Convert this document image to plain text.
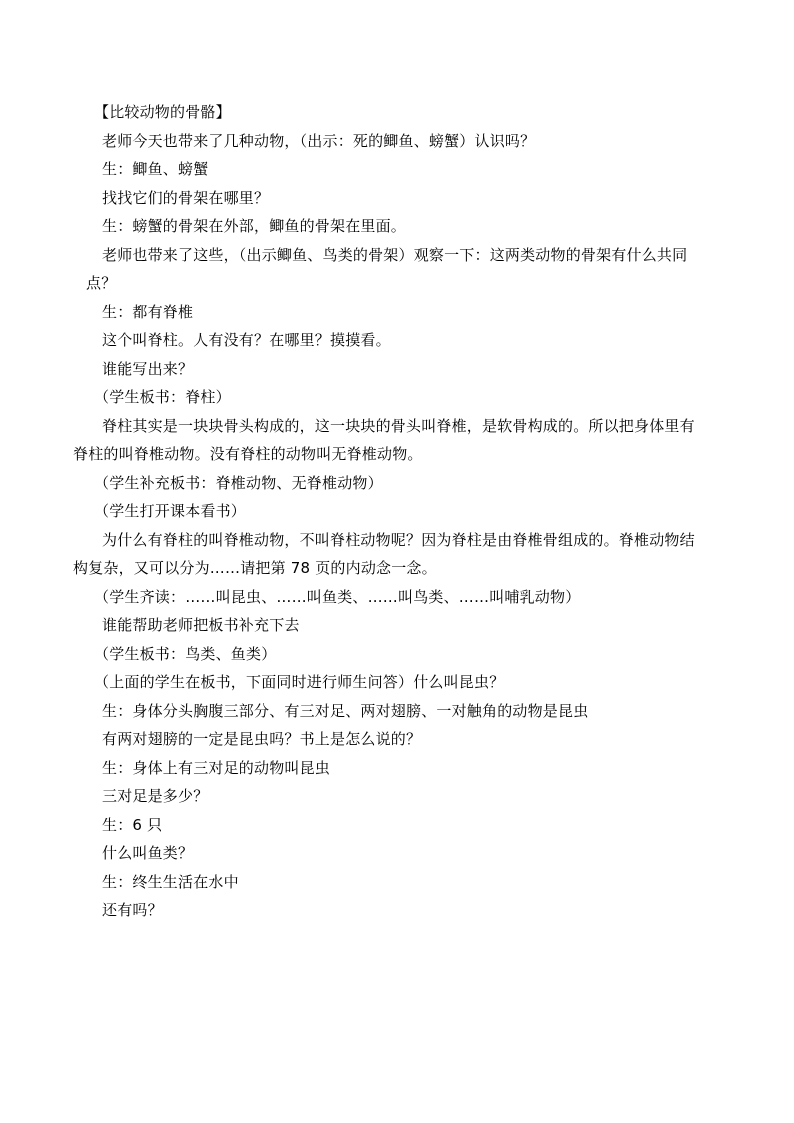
【比较动物的骨骼】
老师今天也带来了几种动物，（出示：死的鲫鱼、螃蟹）认识吗？
生：鲫鱼、螃蟹
找找它们的骨架在哪里？
生：螃蟹的骨架在外部，鲫鱼的骨架在里面。
老师也带来了这些，（出示鲫鱼、鸟类的骨架）观察一下：这两类动物的骨架有什么共同
点？
生：都有脊椎
这个叫脊柱。人有没有？在哪里？摸摸看。
谁能写出来？
（学生板书：脊柱）
脊柱其实是一块块骨头构成的，这一块块的骨头叫脊椎，是软骨构成的。所以把身体里有
脊柱的叫脊椎动物。没有脊柱的动物叫无脊椎动物。
（学生补充板书：脊椎动物、无脊椎动物）
（学生打开课本看书）
为什么有脊柱的叫脊椎动物，不叫脊柱动物呢？因为脊柱是由脊椎骨组成的。脊椎动物结
构复杂，又可以分为……请把第 78 页的内动念一念。
（学生齐读：……叫昆虫、……叫鱼类、……叫鸟类、……叫哺乳动物）
谁能帮助老师把板书补充下去
（学生板书：鸟类、鱼类）
（上面的学生在板书，下面同时进行师生问答）什么叫昆虫？
生：身体分头胸腹三部分、有三对足、两对翅膀、一对触角的动物是昆虫
有两对翅膀的一定是昆虫吗？书上是怎么说的？
生：身体上有三对足的动物叫昆虫
三对足是多少？
生：6 只
什么叫鱼类？
生：终生生活在水中
还有吗？
